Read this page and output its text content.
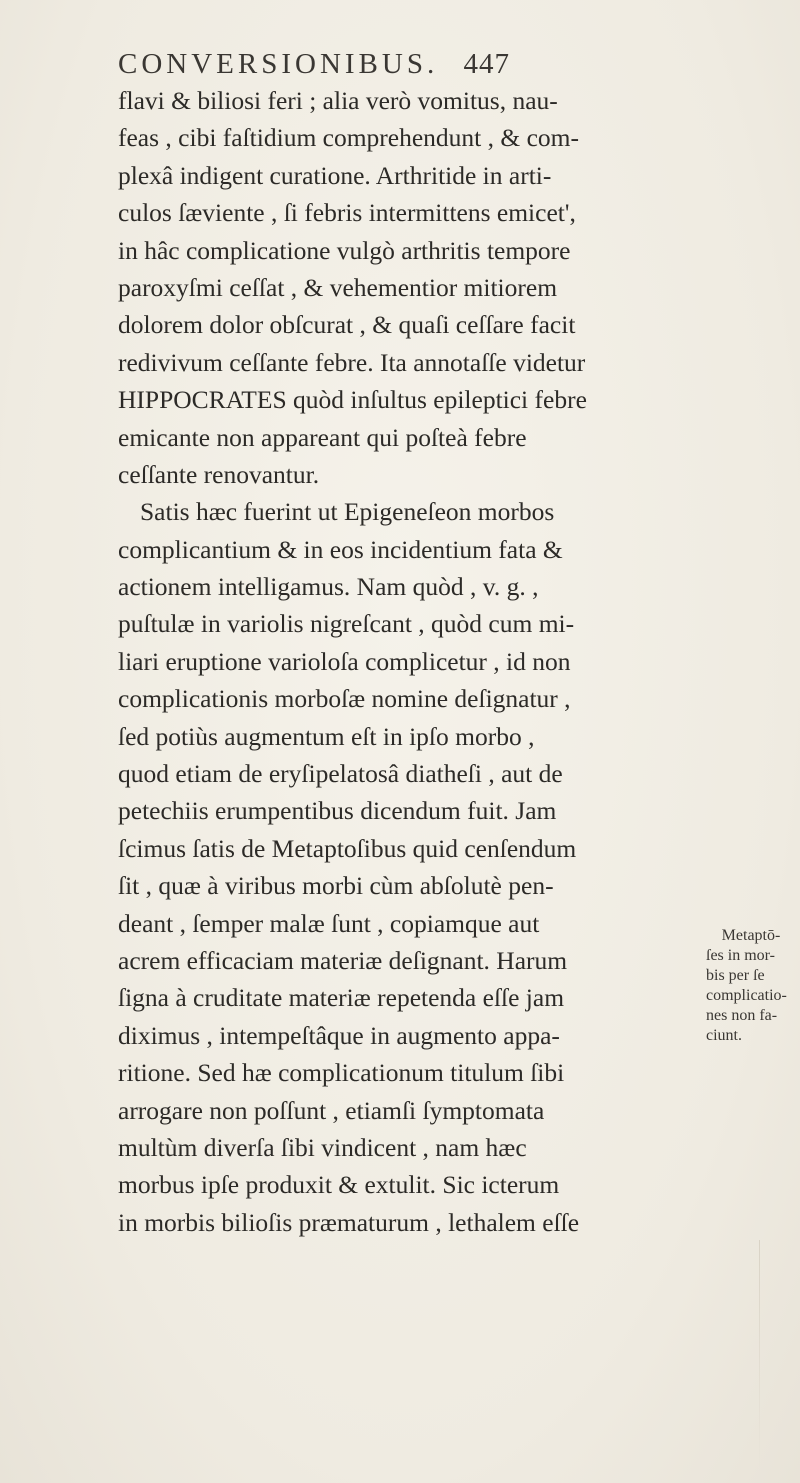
CONVERSIONIBUS. 447
flavi & biliosi feri ; alia verò vomitus, nau-
feas , cibi faſtidium comprehendunt , & com-
plexâ indigent curatione. Arthritide in arti-
culos ſæviente , ſi febris intermittens emicet',
in hâc complicatione vulgò arthritis tempore
paroxyſmi ceſſat , & vehementior mitiorem
dolorem dolor obſcurat , & quaſi ceſſare facit
redivivum ceſſante febre. Ita annotaſſe videtur
HIPPOCRATES quòd inſultus epileptici febre
emicante non appareant qui poſteà febre
ceſſante renovantur.
Satis hæc fuerint ut Epigeneſeon morbos
complicantium & in eos incidentium fata &
actionem intelligamus. Nam quòd , v. g. ,
puſtulæ in variolis nigreſcant , quòd cum mi-
liari eruptione varioloſa complicetur , id non
complicationis morboſæ nomine deſignatur ,
ſed potiùs augmentum eſt in ipſo morbo ,
quod etiam de eryſipelatosâ diatheſi , aut de
petechiis erumpentibus dicendum fuit. Jam
ſcimus ſatis de Metaptoſibus quid cenſendum
ſit , quæ à viribus morbi cùm abſolutè pen-
deant , ſemper malæ ſunt , copiamque aut
acrem efficaciam materiæ deſignant. Harum
ſigna à cruditate materiæ repetenda eſſe jam
diximus , intempeſtâque in augmento appa-
ritione. Sed hæ complicationum titulum ſibi
arrogare non poſſunt , etiamſi ſymptomata
multùm diverſa ſibi vindicent , nam hæc
morbus ipſe produxit & extulit. Sic icterum
in morbis bilioſis præmaturum , lethalem eſſe
Metaptō-
ſes in mor-
bis per ſe
complicatio-
nes non fa-
ciunt.
